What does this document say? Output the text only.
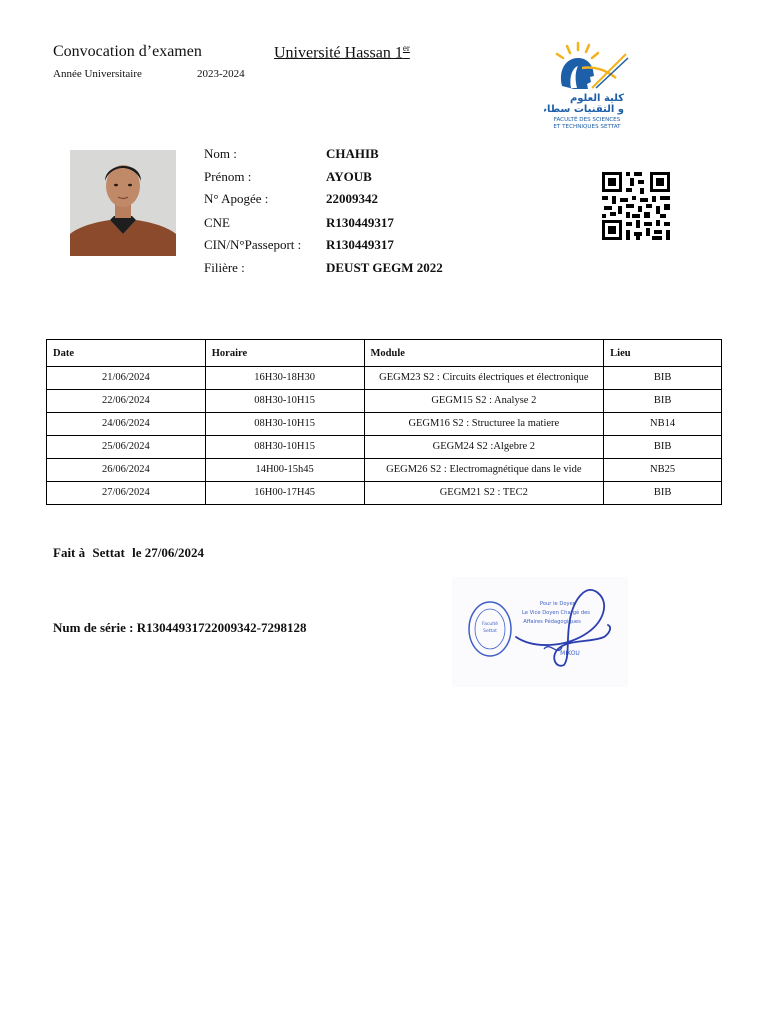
Convocation d’examen	Université Hassan 1er
Année Universitaire	2023-2024
كلية العلوم
و التقنيات سطات
FACULTÉ DES SCIENCES
ET TECHNIQUES SETTAT
Nom :	CHAHIB
Prénom :	AYOUB
N° Apogée :	22009342
CNE	R130449317
CIN/N°Passeport : R130449317
Filière :	DEUST GEGM 2022
Date	Horaire	Module	Lieu
21/06/2024	16H30-18H30	GEGM23 S2 : Circuits électriques et électronique	BIB
22/06/2024	08H30-10H15	GEGM15 S2 : Analyse 2	BIB
24/06/2024	08H30-10H15	GEGM16 S2 : Structuree la matiere	NB14
25/06/2024	08H30-10H15	GEGM24 S2 :Algebre 2	BIB
26/06/2024	14H00-15h45	GEGM26 S2 : Electromagnétique dans le vide	NB25
27/06/2024	16H00-17H45	GEGM21 S2 : TEC2	BIB
Fait à Settat le 27/06/2024
Num de série : R13044931722009342-7298128	Faculté
Settat
Pour le Doyen
Le Vice Doyen Chargé des
Affaires Pédagogiques
MIKOU
